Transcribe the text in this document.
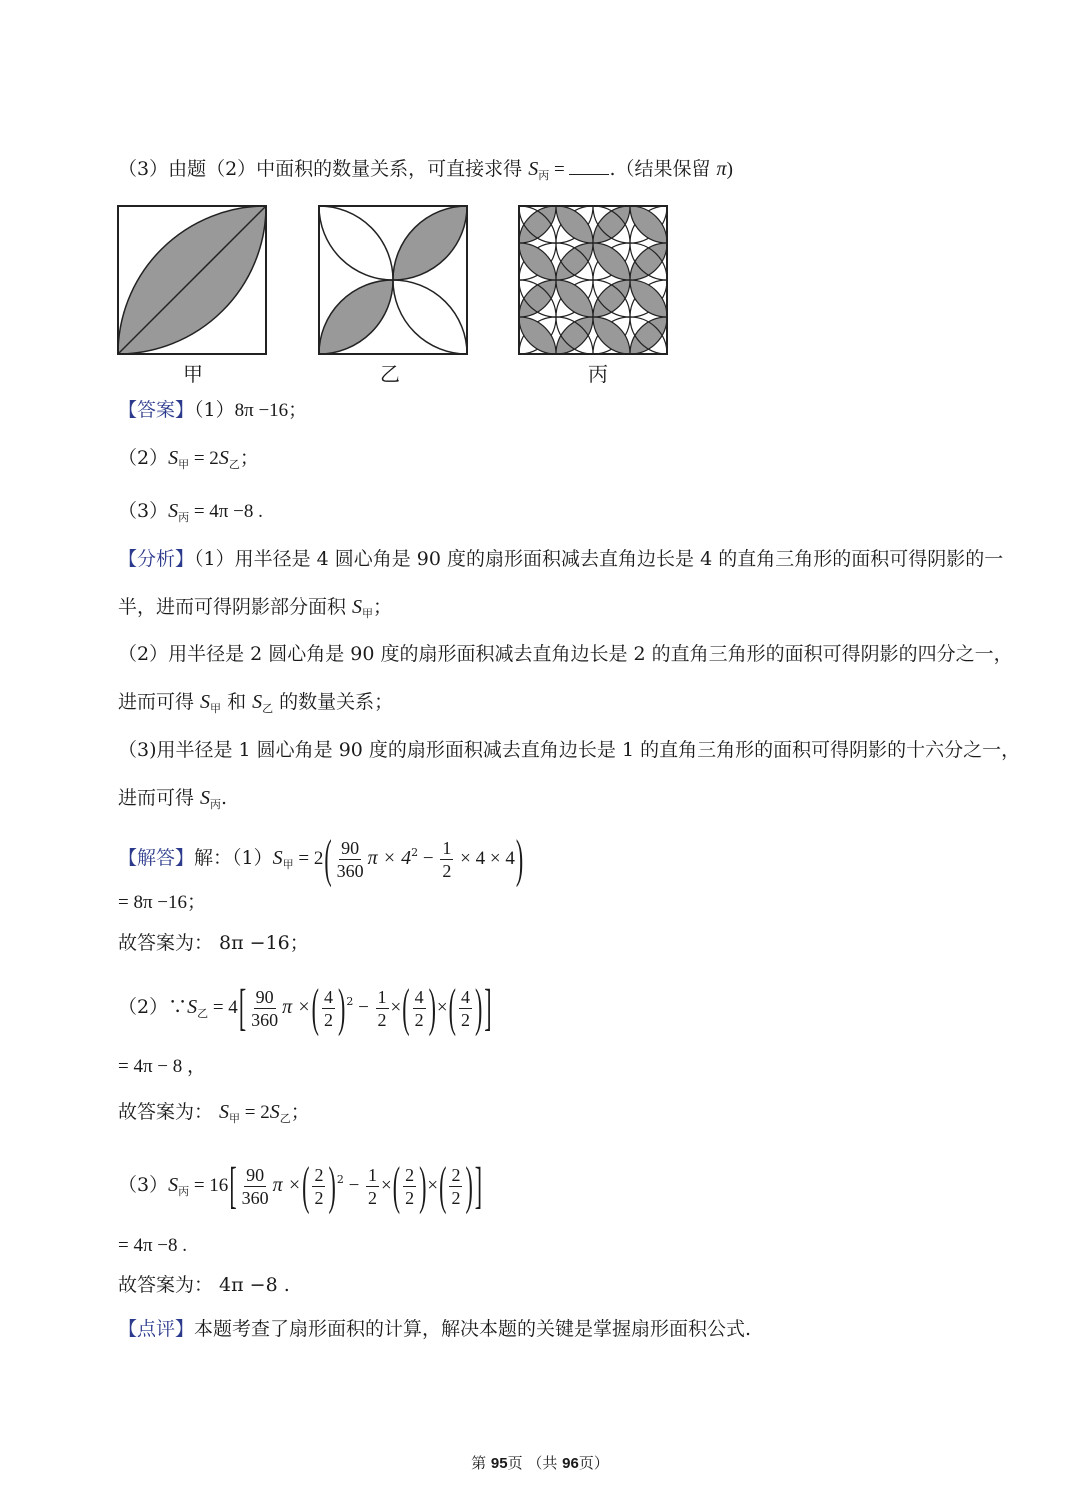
（3）由题（2）中面积的数量关系，可直接求得 $S_丙$ = .（结果保留 π)
甲	乙	丙
【答案】（1）8π −16；
$(2)S_甲 = 2S_乙$；
$(3)S_丙 = 4\pi -8$ .
【分析】（1）用半径是 4 圆心角是 90 度的扇形面积减去直角边长是 4 的直角三角形的面积可得阴影的一
半，进而可得阴影部分面积 $S_甲$；
（2）用半径是 2 圆心角是 90 度的扇形面积减去直角边长是 2 的直角三角形的面积可得阴影的四分之一，
进而可得 $S_甲$ 和 $S_乙$ 的数量关系；
（3)用半径是 1 圆心角是 90 度的扇形面积减去直角边长是 1 的直角三角形的面积可得阴影的十六分之一，
进而可得 $S_丙$.
【解答】解：$(1)S_甲 = 2( \frac{90}{360}$ $\pi \times 4^2 - \frac{1}{2} \times 4 \times 4$)
= 8π −16；
故答案为： 8π −16；
$(2)\because S_乙 = 4[ \frac{90}{360}$ π ×( $\frac{4}{2} )^2 - \frac{1}{2}$ ×( $\frac{4}{2}$ )×( $\frac{4}{2}$ )]
= 4π − 8 ，
故答案为： $S_甲 = 2S_乙$；
$(3)S_丙 = 16[ \frac{90}{360}$ π ×( $\frac{2}{2} )^2 - \frac{1}{2}$ ×( $\frac{2}{2}$ )×( $\frac{2}{2}$ )]
= 4π −8 .
故答案为： 4π −8 .
【点评】本题考查了扇形面积的计算，解决本题的关键是掌握扇形面积公式.
第 95页 （共 96页）
